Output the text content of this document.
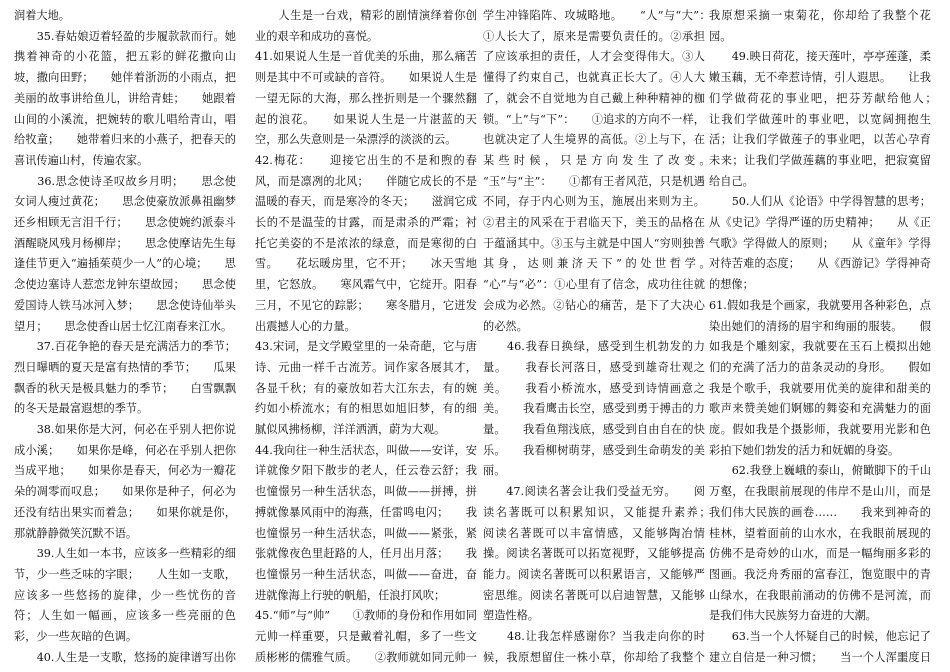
润着大地。

　　35.春姑娘迈着轻盈的步履款款而行。她携着神奇的小花篮，把五彩的鲜花撒向山坡，撒向田野；　　她伴着浙沥的小雨点，把美丽的故事讲给鱼儿，讲给青蛙；　　她跟着山间的小溪流，把婉转的歌儿唱给青山，唱给牧童；　　她带着归来的小燕子，把春天的喜讯传遍山村，传遍农家。

　　36.思念使诗圣叹故乡月明；　　思念使女词人瘦过黄花；　　思念使豪放派鼻祖幽梦还乡相顾无言泪千行；　　思念使婉约派泰斗酒醒晓风残月杨柳岸；　　思念使摩诘先生每逢佳节更入“遍插茱萸少一人”的心境；　　思念使边塞诗人惹恋龙钟东望故园；　　思念使爱国诗人铁马冰河入梦；　　思念使诗仙举头望月；　　思念使香山居士忆江南春来江水。

　　37.百花争艳的春天是充满活力的季节；烈日曝晒的夏天是富有热情的季节；　　瓜果飘香的秋天是极具魅力的季节；　　白雪飘飘的冬天是最富遐想的季节。

　　38.如果你是大河，何必在乎别人把你说成小溪；　　如果你是峰，何必在乎别人把你当成平地；　　如果你是春天，何必为一瓣花朵的凋零而叹息；　　如果你是种子，何必为还没有结出果实而着急；　　如果你就是你，那就静静微笑沉默不语。

　　39.人生如一本书，应该多一些精彩的细节，少一些乏味的字眼；　　人生如一支歌，应该多一些悠扬的旋律，少一些忧伤的音符；人生如一幅画，应该多一些亮丽的色彩，少一些灰暗的色调。

　　40.人生是一支歌，悠扬的旋律谱写出你　　

　　人生是一台戏，精彩的剧情演绎着你创业的艰辛和成功的喜悦。

41.如果说人生是一首优美的乐曲，那么痛苦则是其中不可或缺的音符。　　如果说人生是一望无际的大海，那么挫折则是一个骤然翻起的浪花。　　如果说人生是一片湛蓝的天空，那么失意则是一朵漂浮的淡淡的云。

42.梅花：　　迎接它出生的不是和煦的春风，而是凛冽的北风；　　伴随它成长的不是温暖的春天，而是寒冷的冬天；　　滋润它成长的不是温莹的甘露，而是肃杀的严霜；衬托它美姿的不是浓浓的绿意，而是寒彻的白雪。　　花坛暖房里，它不开；　　冰天雪地里，它怒放。　　寒风霜气中，它绽开。阳春三月，不见它的踪影；　　寒冬腊月，它迸发出震撼人心的力量。

43.宋词，是文学殿堂里的一朵奇葩，它与唐诗、元曲一样千古流芳。词作家各展其才，各显千秋；有的豪放如若大江东去，有的婉约如小桥流水；有的相思如旭旧梦，有的细腻似风拂杨柳，洋洋洒洒，蔚为大观。

44.我向往一种生活状态，叫做——安详，安详就像夕阳下散步的老人，任云卷云舒；我也憧憬另一种生活状态，叫做——拼搏，拼搏就像暴风雨中的海燕，任雷鸣电闪；　　我也憧憬另一种生活状态，叫做——紧张，紧张就像夜色里赶路的人，任月出月落；　　我也憧憬另一种生活状态，叫做——奋进，奋进就像海上行驶的帆船，任浪打风吹；

45.“师”与“帅”　　①教师的身份和作用如同元帅一样重要，只是戴着礼帽，多了一些文质彬彬的儒雅气质。　　②教师就如同元帅一

学生冲锋陷阵、攻城略地。　　“人”与“大”：　　①人长大了，原来是需要负责任的。②承担了应该承担的责任，人才会变得伟大。③人懂得了约束自己，也就真正长大了。④人大了，就会不自觉地为自己戴上种种精神的枷锁。“上”与“下”：　　①追求的方向不一样，也就决定了人生境界的高低。②上与下，在某些时候，只是方向发生了改变。　　“玉”与“主”：　　①都有王者风范，只是机遇不同，存于内心则为玉，施展出来则为主。②君主的风采在于君临天下，美玉的品格在于蕴涵其中。③玉与主就是中国人“穷则独善其身，达则兼济天下”的处世哲学。　　“心”与“必”：①心里有了信念，成功往往就会成为必然。②钻心的痛苦，是下了大决心的必然。

　　46.我春日换绿，感受到生机勃发的力量。　　我春长河落日，感受到雄奇壮观之美。　　我看小桥流水，感受到诗情画意之美。　　我看鹰击长空，感受到勇于搏击的力量。　　我看鱼翔浅底，感受到自由自在的快乐。　　我看柳树萌芽，感受到生命萌发的美丽。

　　47.阅读名著会让我们受益无穷。　　阅读名著既可以积累知识，又能提升素养；　　阅读名著既可以丰富情感，又能够陶冶情操。阅读名著既可以拓宽视野，又能够提高能力。阅读名著既可以积累语言，又能够严密思维。阅读名著既可以启迪智慧，又能够塑造性格。

　　48.让我怎样感谢你？当我走向你的时候，我原想留住一株小草，你却给了我整个

我原想采摘一束菊花，你却给了我整个花园。

　　49.映日荷花，接天莲叶，亭亭莲蓬，柔嫩玉藕，无不牵惹诗情，引人遐思。　　让我们学做荷花的事业吧，把芬芳献给他人；　　让我们学做莲叶的事业吧，以宽阔拥抱生活；让我们学做莲子的事业吧，以苦心孕育未来；让我们学做莲藕的事业吧，把寂寞留给自己。

　　50.人们从《论语》中学得智慧的思考；从《史记》学得严谨的历史精神；　　从《正气歌》学得做人的原则；　　从《童年》学得对待苦难的态度；　　从《西游记》学得神奇的想像；

61.假如我是个画家，我就要用各种彩色，点染出她们的清扬的眉宇和绚丽的服装。　　假如我是个雕刻家，我就要在玉石上模拟出她们的充满了活力的苗条灵动的身形。　　假如我是个歌手，我就要用优美的旋律和甜美的歌声来赞美她们婀娜的舞姿和充满魅力的面庞。假如我是个摄影师，我就要用光影和色彩拍下她们勃发的活力和妩媚的身姿。

　　62.我登上巍峨的泰山，俯瞰脚下的千山万壑，在我眼前展现的伟岸不是山川，而是我们伟大民族的画卷……　　我来到神奇的桂林，望着面前的山水水，在我眼前展现的仿佛不是奇妙的山水，而是一幅绚丽多彩的图画。我泛舟秀丽的富春江，饱览眼中的青山绿水，在我眼前涌动的仿佛不是河流，而是我们伟大民族努力奋进的大潮。

　　63.当一个人怀疑自己的时候，他忘记了建立自信是一种习惯；　　当一个人浑噩度日　　　　
